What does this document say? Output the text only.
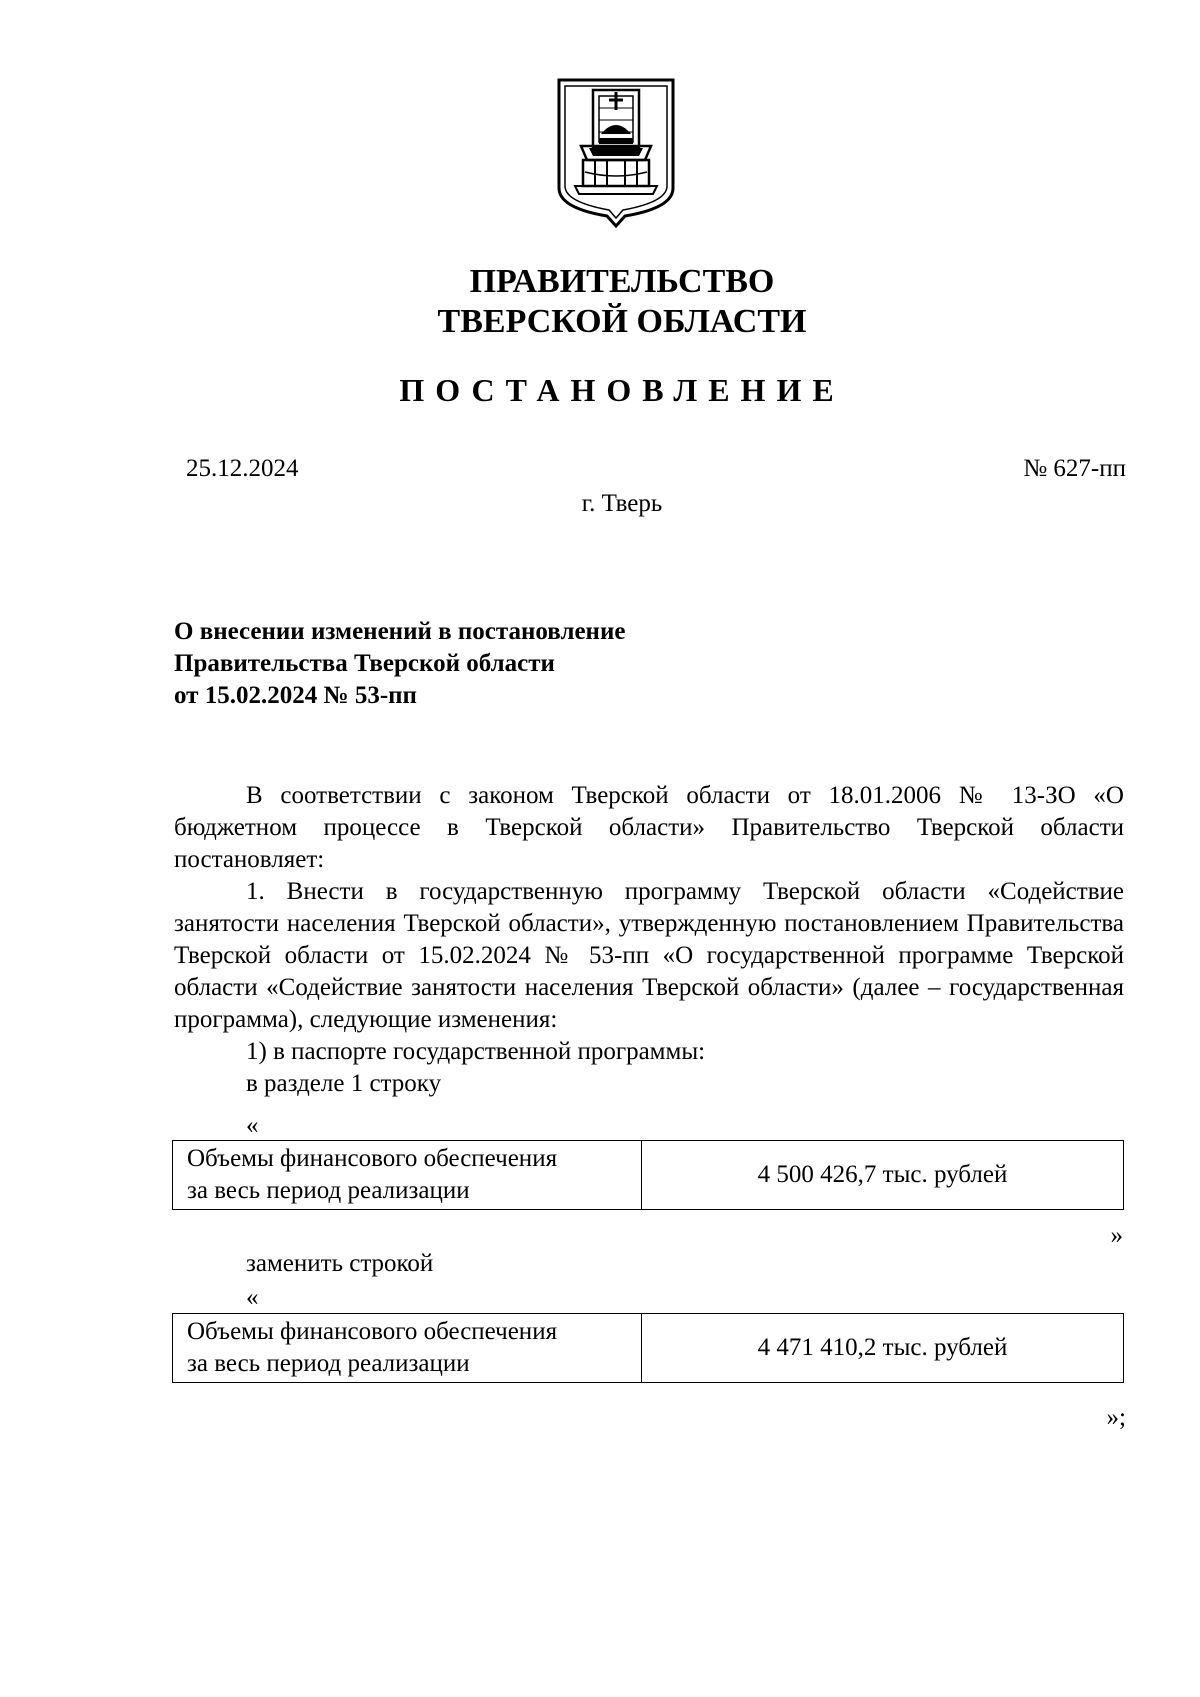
ПРАВИТЕЛЬСТВО
ТВЕРСКОЙ ОБЛАСТИ
ПОСТАНОВЛЕНИЕ
25.12.2024	№ 627-пп
г. Тверь
О внесении изменений в постановление
Правительства Тверской области
от 15.02.2024 № 53-пп

В соответствии с законом Тверской области от 18.01.2006 № 13-ЗО «О бюджетном процессе в Тверской области» Правительство Тверской области постановляет:

1. Внести в государственную программу Тверской области «Содействие занятости населения Тверской области», утвержденную постановлением Правительства Тверской области от 15.02.2024 № 53-пп «О государственной программе Тверской области «Содействие занятости населения Тверской области» (далее – государственная программа), следующие изменения:

1) в паспорте государственной программы:

в разделе 1 строку

«
Объемы финансового обеспечения
за весь период реализации
	4 500 426,7 тыс. рублей
»
заменить строкой
«
Объемы финансового обеспечения
за весь период реализации
	4 471 410,2 тыс. рублей
»;
